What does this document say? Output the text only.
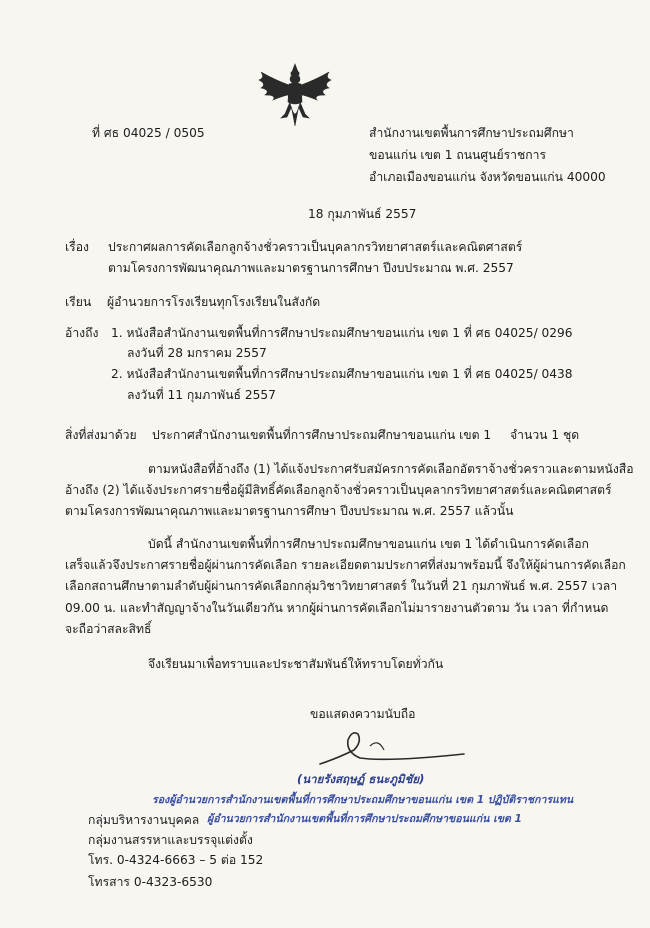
ที่ ศธ 04025 / 0505	สำนักงานเขตพื้นการศึกษาประถมศึกษา
ขอนแก่น เขต 1 ถนนศูนย์ราชการ
อำเภอเมืองขอนแก่น จังหวัดขอนแก่น 40000
18 กุมภาพันธ์ 2557
เรื่อง ประกาศผลการคัดเลือกลูกจ้างชั่วคราวเป็นบุคลากรวิทยาศาสตร์และคณิตศาสตร์
ตามโครงการพัฒนาคุณภาพและมาตรฐานการศึกษา ปีงบประมาณ พ.ศ. 2557
เรียน ผู้อำนวยการโรงเรียนทุกโรงเรียนในสังกัด
อ้างถึง 1. หนังสือสำนักงานเขตพื้นที่การศึกษาประถมศึกษาขอนแก่น เขต 1 ที่ ศธ 04025/ 0296
ลงวันที่ 28 มกราคม 2557
2. หนังสือสำนักงานเขตพื้นที่การศึกษาประถมศึกษาขอนแก่น เขต 1 ที่ ศธ 04025/ 0438
ลงวันที่ 11 กุมภาพันธ์ 2557
สิ่งที่ส่งมาด้วย ประกาศสำนักงานเขตพื้นที่การศึกษาประถมศึกษาขอนแก่น เขต 1 จำนวน 1 ชุด
ตามหนังสือที่อ้างถึง (1) ได้แจ้งประกาศรับสมัครการคัดเลือกอัตราจ้างชั่วคราวและตามหนังสือ
อ้างถึง (2) ได้แจ้งประกาศรายชื่อผู้มีสิทธิ์คัดเลือกลูกจ้างชั่วคราวเป็นบุคลากรวิทยาศาสตร์และคณิตศาสตร์
ตามโครงการพัฒนาคุณภาพและมาตรฐานการศึกษา ปีงบประมาณ พ.ศ. 2557 แล้วนั้น
บัดนี้ สำนักงานเขตพื้นที่การศึกษาประถมศึกษาขอนแก่น เขต 1 ได้ดำเนินการคัดเลือก
เสร็จแล้วจึงประกาศรายชื่อผู้ผ่านการคัดเลือก รายละเอียดตามประกาศที่ส่งมาพร้อมนี้ จึงให้ผู้ผ่านการคัดเลือก
เลือกสถานศึกษาตามลำดับผู้ผ่านการคัดเลือกกลุ่มวิชาวิทยาศาสตร์ ในวันที่ 21 กุมภาพันธ์ พ.ศ. 2557 เวลา
09.00 น. และทำสัญญาจ้างในวันเดียวกัน หากผู้ผ่านการคัดเลือกไม่มารายงานตัวตาม วัน เวลา ที่กำหนด
จะถือว่าสละสิทธิ์
จึงเรียนมาเพื่อทราบและประชาสัมพันธ์ให้ทราบโดยทั่วกัน
ขอแสดงความนับถือ
(นายรังสฤษฏ์ ธนะภูมิชัย)
รองผู้อำนวยการสำนักงานเขตพื้นที่การศึกษาประถมศึกษาขอนแก่น เขต 1 ปฏิบัติราชการแทน
ผู้อำนวยการสำนักงานเขตพื้นที่การศึกษาประถมศึกษาขอนแก่น เขต 1
กลุ่มบริหารงานบุคคล
กลุ่มงานสรรหาและบรรจุแต่งตั้ง
โทร. 0-4324-6663 – 5 ต่อ 152
โทรสาร 0-4323-6530
